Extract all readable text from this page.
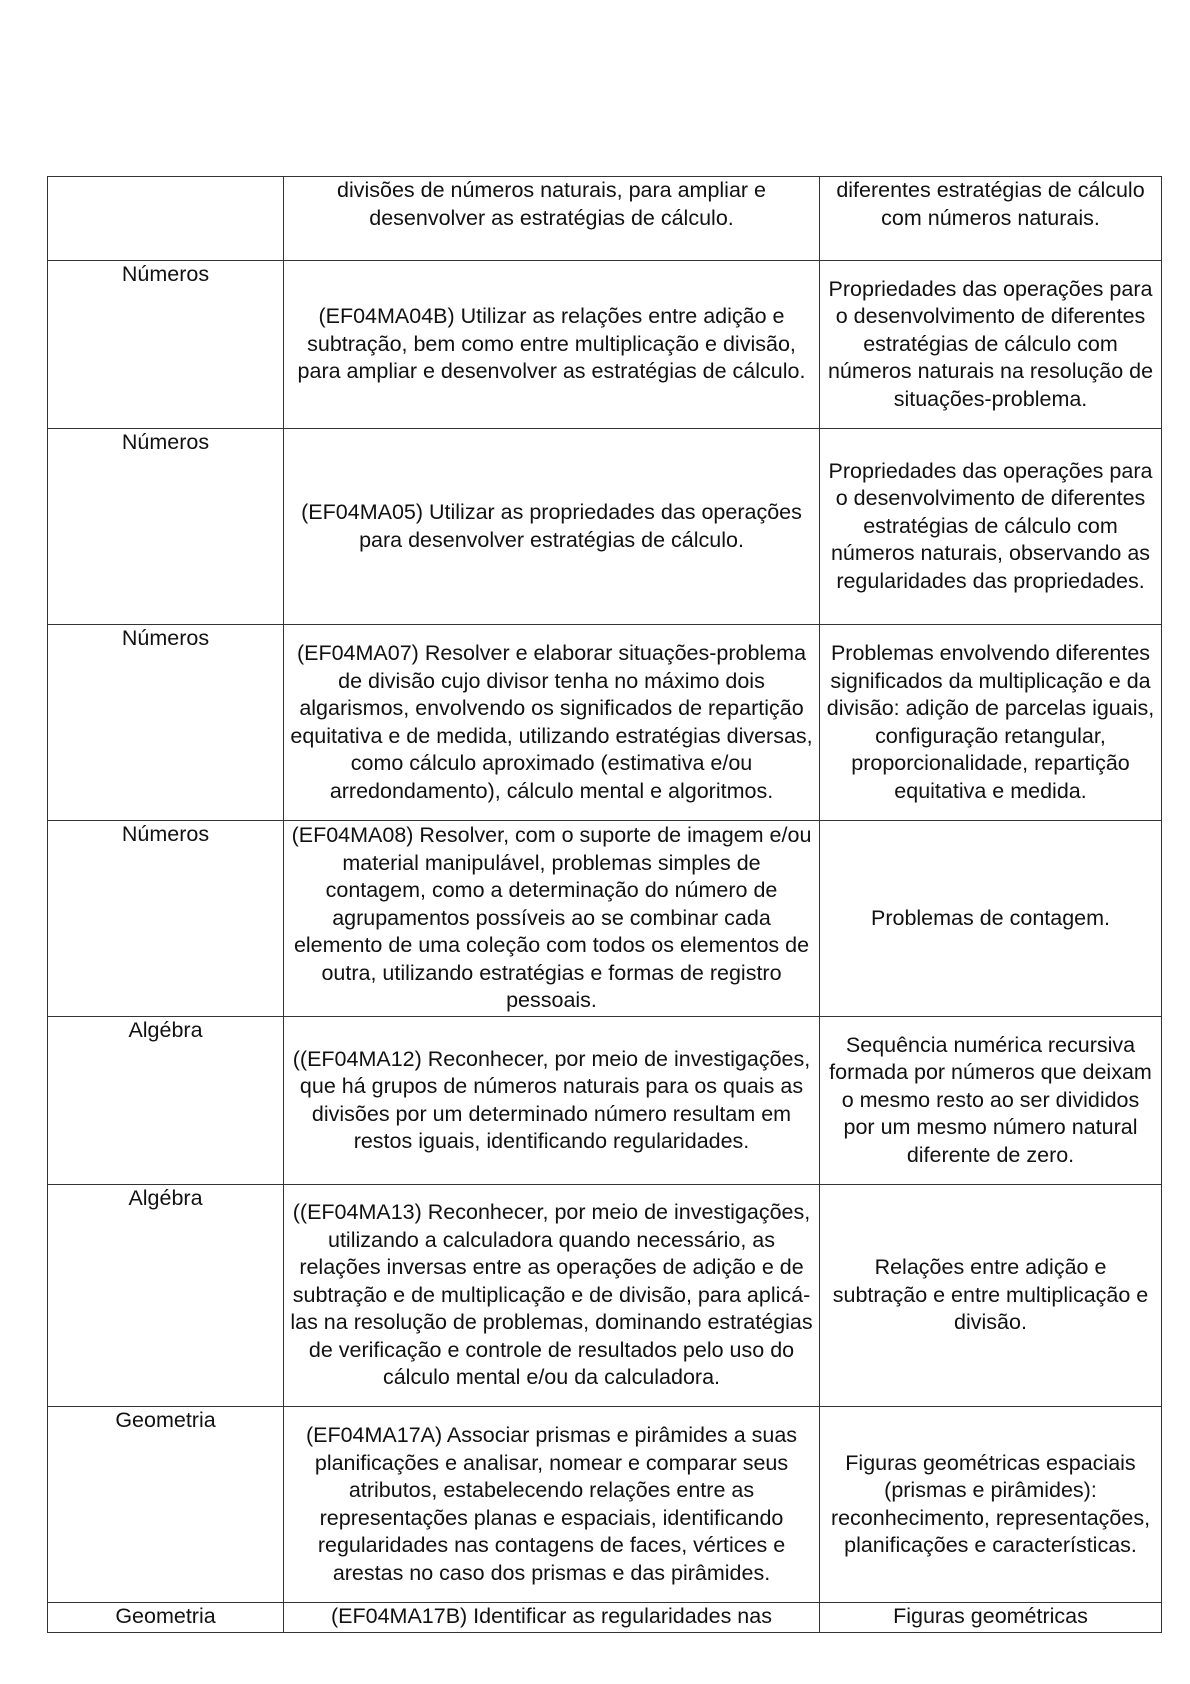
	divisões de números naturais, para ampliar e desenvolver as estratégias de cálculo.	diferentes estratégias de cálculo com números naturais.
Números	(EF04MA04B) Utilizar as relações entre adição e subtração, bem como entre multiplicação e divisão, para ampliar e desenvolver as estratégias de cálculo.	Propriedades das operações para o desenvolvimento de diferentes estratégias de cálculo com números naturais na resolução de situações-problema.
Números	(EF04MA05) Utilizar as propriedades das operações para desenvolver estratégias de cálculo.	Propriedades das operações para o desenvolvimento de diferentes estratégias de cálculo com números naturais, observando as regularidades das propriedades.
Números	(EF04MA07) Resolver e elaborar situações-problema de divisão cujo divisor tenha no máximo dois algarismos, envolvendo os significados de repartição equitativa e de medida, utilizando estratégias diversas, como cálculo aproximado (estimativa e/ou arredondamento), cálculo mental e algoritmos.	Problemas envolvendo diferentes significados da multiplicação e da divisão: adição de parcelas iguais, configuração retangular, proporcionalidade, repartição equitativa e medida.
Números	(EF04MA08) Resolver, com o suporte de imagem e/ou material manipulável, problemas simples de contagem, como a determinação do número de agrupamentos possíveis ao se combinar cada elemento de uma coleção com todos os elementos de outra, utilizando estratégias e formas de registro pessoais.	Problemas de contagem.
Algébra	((EF04MA12) Reconhecer, por meio de investigações, que há grupos de números naturais para os quais as divisões por um determinado número resultam em restos iguais, identificando regularidades.	Sequência numérica recursiva formada por números que deixam o mesmo resto ao ser divididos por um mesmo número natural diferente de zero.
Algébra	((EF04MA13) Reconhecer, por meio de investigações, utilizando a calculadora quando necessário, as relações inversas entre as operações de adição e de subtração e de multiplicação e de divisão, para aplicá-las na resolução de problemas, dominando estratégias de verificação e controle de resultados pelo uso do cálculo mental e/ou da calculadora.	Relações entre adição e subtração e entre multiplicação e divisão.
Geometria	(EF04MA17A) Associar prismas e pirâmides a suas planificações e analisar, nomear e comparar seus atributos, estabelecendo relações entre as representações planas e espaciais, identificando regularidades nas contagens de faces, vértices e arestas no caso dos prismas e das pirâmides.	Figuras geométricas espaciais (prismas e pirâmides): reconhecimento, representações, planificações e características.
Geometria	(EF04MA17B) Identificar as regularidades nas	Figuras geométricas
